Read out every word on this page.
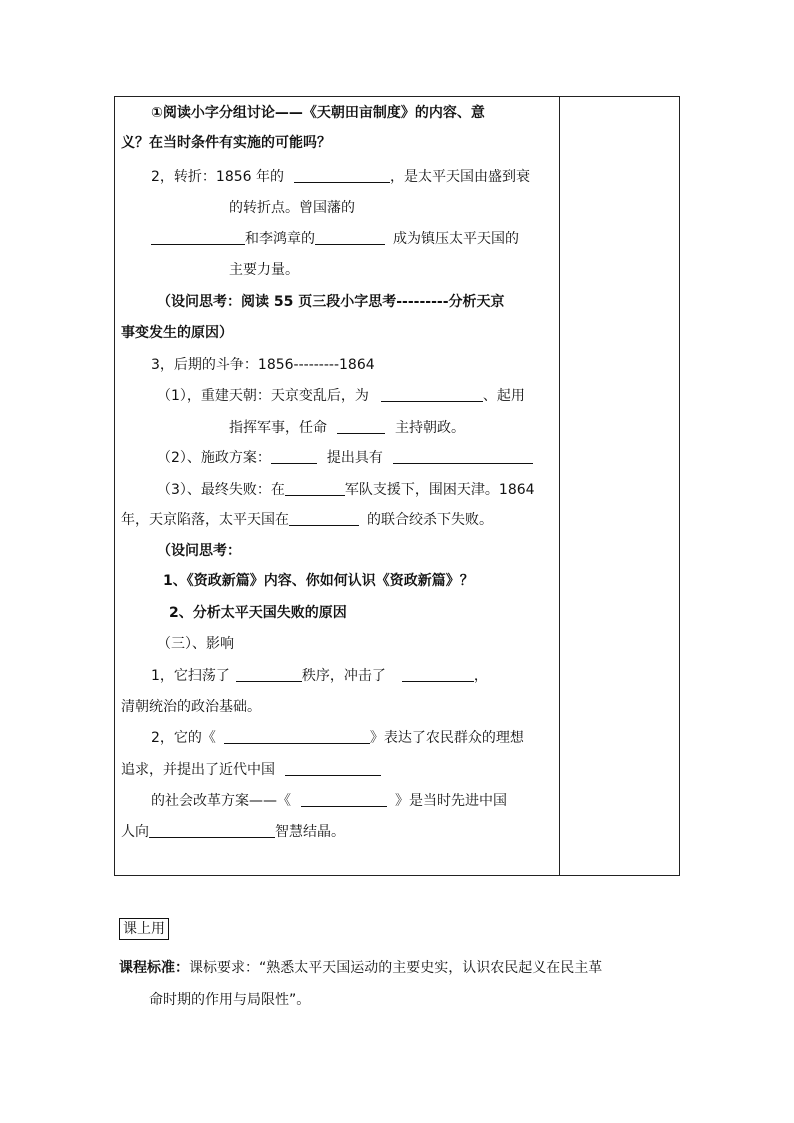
①阅读小字分组讨论——《天朝田亩制度》的内容、意
义？在当时条件有实施的可能吗？
2，转折：1856 年的	，是太平天国由盛到衰
的转折点。曾国藩的
和李鸿章的	成为镇压太平天国的
主要力量。
（设问思考：阅读 55 页三段小字思考---------分析天京
事变发生的原因）
3，后期的斗争：1856---------1864
（1），重建天朝：天京变乱后，为	、起用
指挥军事，任命	主持朝政。
（2）、施政方案：	提出具有
（3）、最终失败：在	军队支援下，围困天津。1864
年，天京陷落，太平天国在	的联合绞杀下失败。
（设问思考：
1、《资政新篇》内容、你如何认识《资政新篇》？
2、分析太平天国失败的原因
（三）、影响
1，它扫荡了	秩序，冲击了	，
清朝统治的政治基础。
2，它的《	》表达了农民群众的理想
追求，并提出了近代中国
的社会改革方案——《	》是当时先进中国
人向	智慧结晶。
课上用
课程标准：课标要求：“熟悉太平天国运动的主要史实，认识农民起义在民主革
命时期的作用与局限性”。
